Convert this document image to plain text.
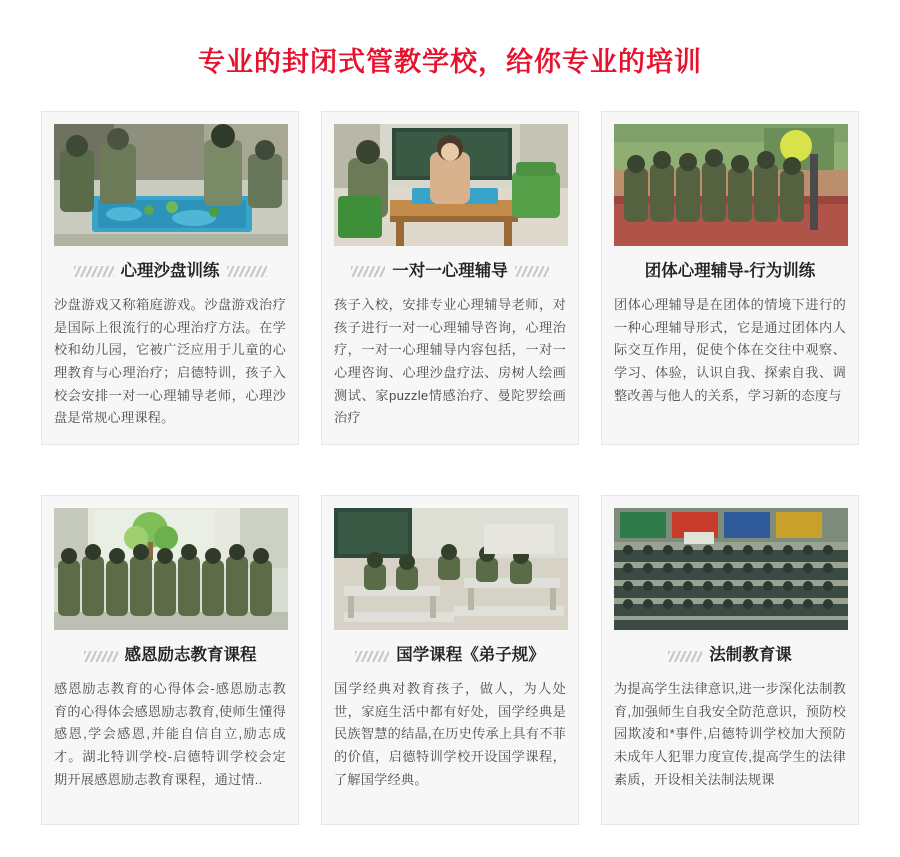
专业的封闭式管教学校，给你专业的培训
心理沙盘训练
沙盘游戏又称箱庭游戏。沙盘游戏治疗是国际上很流行的心理治疗方法。在学校和幼儿园，它被广泛应用于儿童的心理教育与心理治疗；启德特训，孩子入校会安排一对一心理辅导老师，心理沙盘是常规心理课程。
一对一心理辅导
孩子入校，安排专业心理辅导老师，对孩子进行一对一心理辅导咨询，心理治疗，一对一心理辅导内容包括，一对一心理咨询、心理沙盘疗法、房树人绘画测试、家puzzle情感治疗、曼陀罗绘画治疗
团体心理辅导-行为训练
团体心理辅导是在团体的情境下进行的一种心理辅导形式，它是通过团体内人际交互作用，促使个体在交往中观察、学习、体验，认识自我、探索自我、调整改善与他人的关系，学习新的态度与
感恩励志教育课程
感恩励志教育的心得体会-感恩励志教育的心得体会感恩励志教育,使师生懂得感恩,学会感恩,并能自信自立,励志成才。湖北特训学校-启德特训学校会定期开展感恩励志教育课程，通过情..
国学课程《弟子规》
国学经典对教育孩子，做人，为人处世，家庭生活中都有好处，国学经典是民族智慧的结晶,在历史传承上具有不菲的价值，启德特训学校开设国学课程，了解国学经典。
法制教育课
为提高学生法律意识,进一步深化法制教育,加强师生自我安全防范意识，预防校园欺凌和*事件,启德特训学校加大预防未成年人犯罪力度宣传,提高学生的法律素质，开设相关法制法规课
